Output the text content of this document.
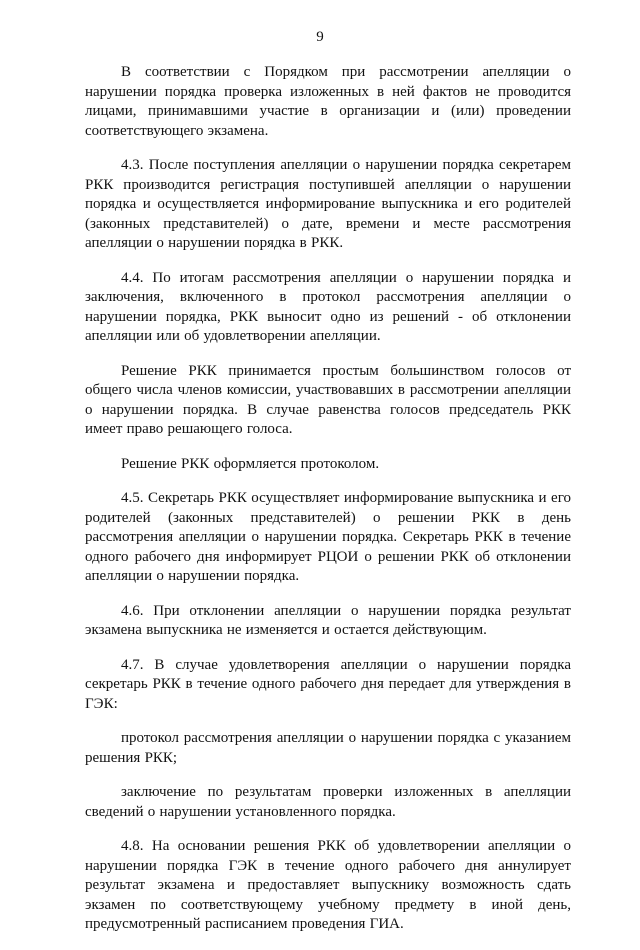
9

В соответствии с Порядком при рассмотрении апелляции о нарушении порядка проверка изложенных в ней фактов не проводится лицами, принимавшими участие в организации и (или) проведении соответствующего экзамена.

4.3. После поступления апелляции о нарушении порядка секретарем РКК производится регистрация поступившей апелляции о нарушении порядка и осуществляется информирование выпускника и его родителей (законных представителей) о дате, времени и месте рассмотрения апелляции о нарушении порядка в РКК.

4.4. По итогам рассмотрения апелляции о нарушении порядка и заключения, включенного в протокол рассмотрения апелляции о нарушении порядка, РКК выносит одно из решений - об отклонении апелляции или об удовлетворении апелляции.

Решение РКК принимается простым большинством голосов от общего числа членов комиссии, участвовавших в рассмотрении апелляции о нарушении порядка. В случае равенства голосов председатель РКК имеет право решающего голоса.

Решение РКК оформляется протоколом.

4.5. Секретарь РКК осуществляет информирование выпускника и его родителей (законных представителей) о решении РКК в день рассмотрения апелляции о нарушении порядка. Секретарь РКК в течение одного рабочего дня информирует РЦОИ о решении РКК об отклонении апелляции о нарушении порядка.

4.6. При отклонении апелляции о нарушении порядка результат экзамена выпускника не изменяется и остается действующим.

4.7. В случае удовлетворения апелляции о нарушении порядка секретарь РКК в течение одного рабочего дня передает для утверждения в ГЭК:

протокол рассмотрения апелляции о нарушении порядка с указанием решения РКК;

заключение по результатам проверки изложенных в апелляции сведений о нарушении установленного порядка.

4.8. На основании решения РКК об удовлетворении апелляции о нарушении порядка ГЭК в течение одного рабочего дня аннулирует результат экзамена и предоставляет выпускнику возможность сдать экзамен по соответствующему учебному предмету в иной день, предусмотренный расписанием проведения ГИА.
